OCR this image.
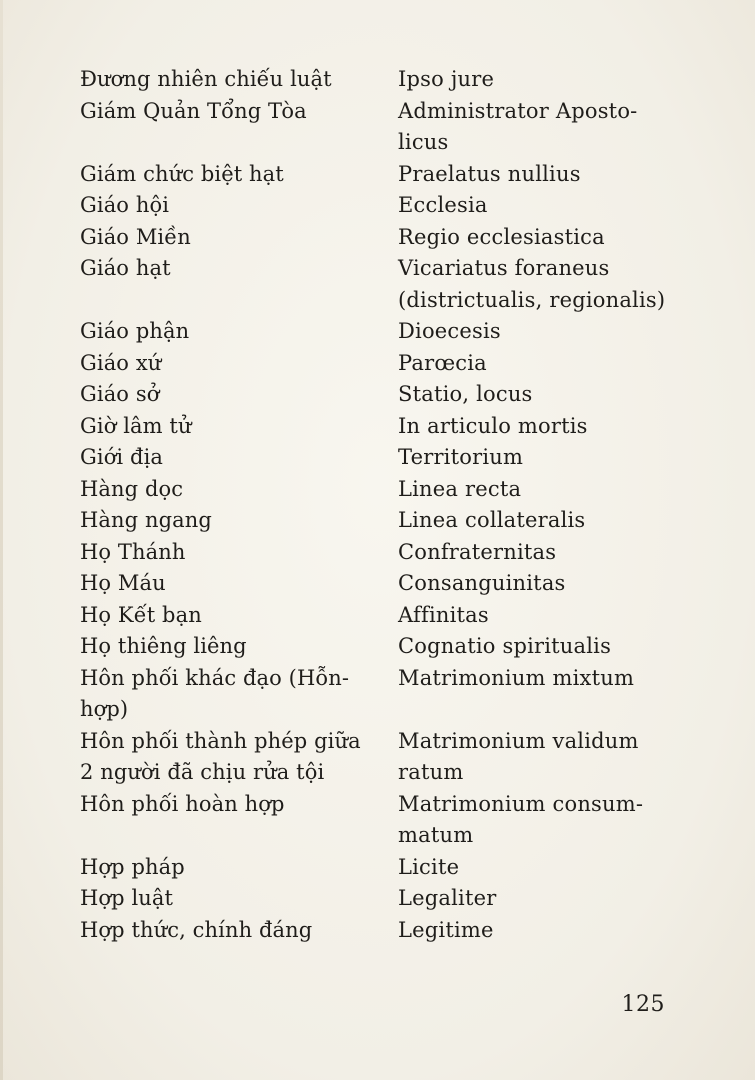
Đương nhiên chiếu luật	Ipso jure
Giám Quản Tổng Tòa	Administrator Aposto-
licus
Giám chức biệt hạt	Praelatus nullius
Giáo hội	Ecclesia
Giáo Miền	Regio ecclesiastica
Giáo hạt	Vicariatus foraneus
(districtualis, regionalis)
Giáo phận	Dioecesis
Giáo xứ	Parœcia
Giáo sở	Statio, locus
Giờ lâm tử	In articulo mortis
Giới địa	Territorium
Hàng dọc	Linea recta
Hàng ngang	Linea collateralis
Họ Thánh	Confraternitas
Họ Máu	Consanguinitas
Họ Kết bạn	Affinitas
Họ thiêng liêng	Cognatio spiritualis
Hôn phối khác đạo (Hỗn-	Matrimonium mixtum
hợp)
Hôn phối thành phép giữa	Matrimonium validum
2 người đã chịu rửa tội	ratum
Hôn phối hoàn hợp	Matrimonium consum-
matum
Hợp pháp	Licite
Hợp luật	Legaliter
Hợp thức, chính đáng	Legitime
125
